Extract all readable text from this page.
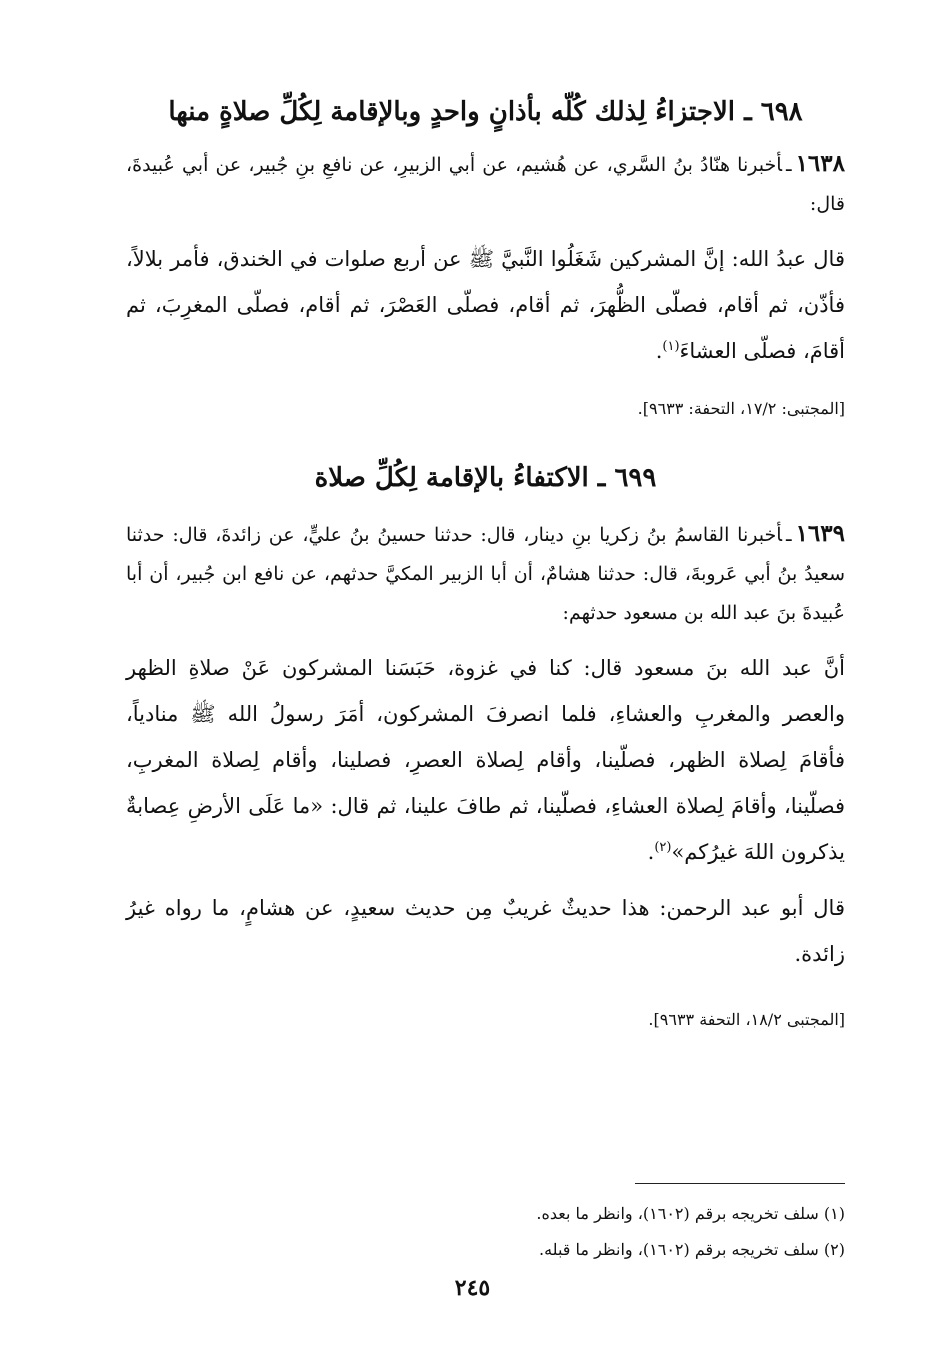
٦٩٨ ـ الاجتزاءُ لِذلك كُلّه بأذانٍ واحدٍ وبالإقامة لِكُلِّ صلاةٍ منها

١٦٣٨ـأخبرنا هنّادُ بنُ السَّري، عن هُشيم، عن أبي الزبيرِ، عن نافعِ بنِ جُبير، عن أبي عُبيدةَ، قال:

قال عبدُ الله: إنَّ المشركين شَغَلُوا النَّبيَّ ﷺ عن أربع صلوات في الخندق، فأمر بلالاً، فأذّن، ثم أقام، فصلّى الظُّهرَ، ثم أقام، فصلّى العَصْرَ، ثم أقام، فصلّى المغرِبَ، ثم أقامَ، فصلّى العشاءَ$^{(١)}$.

[المجتبى: ١٧/٢، التحفة: ٩٦٣٣].

٦٩٩ ـ الاكتفاءُ بالإقامة لِكُلِّ صلاة

١٦٣٩ـأخبرنا القاسمُ بنُ زكريا بنِ دينار، قال: حدثنا حسينُ بنُ عليٍّ، عن زائدةَ، قال: حدثنا سعيدُ بنُ أبي عَروبةَ، قال: حدثنا هشامٌ، أن أبا الزبير المكيَّ حدثهم، عن نافع ابن جُبير، أن أبا عُبيدةَ بنَ عبد الله بن مسعود حدثهم:

أنَّ عبد الله بنَ مسعود قال: كنا في غزوة، حَبَسَنا المشركون عَنْ صلاةِ الظهر والعصر والمغربِ والعشاءِ، فلما انصرفَ المشركون، أمَرَ رسولُ الله ﷺ منادياً، فأقامَ لِصلاة الظهر، فصلّينا، وأقام لِصلاة العصرِ، فصلينا، وأقام لِصلاة المغربِ، فصلّينا، وأقامَ لِصلاة العشاءِ، فصلّينا، ثم طافَ علينا، ثم قال: «ما عَلَى الأرضِ عِصابةٌ يذكرون اللهَ غيرُكم»$^{(٢)}$.

قال أبو عبد الرحمن: هذا حديثٌ غريبٌ مِن حديث سعيدٍ، عن هشامٍ، ما رواه غيرُ زائدة.

[المجتبى ١٨/٢، التحفة ٩٦٣٣].

(١) سلف تخريجه برقم (١٦٠٢)، وانظر ما بعده.

(٢) سلف تخريجه برقم (١٦٠٢)، وانظر ما قبله.

٢٤٥
